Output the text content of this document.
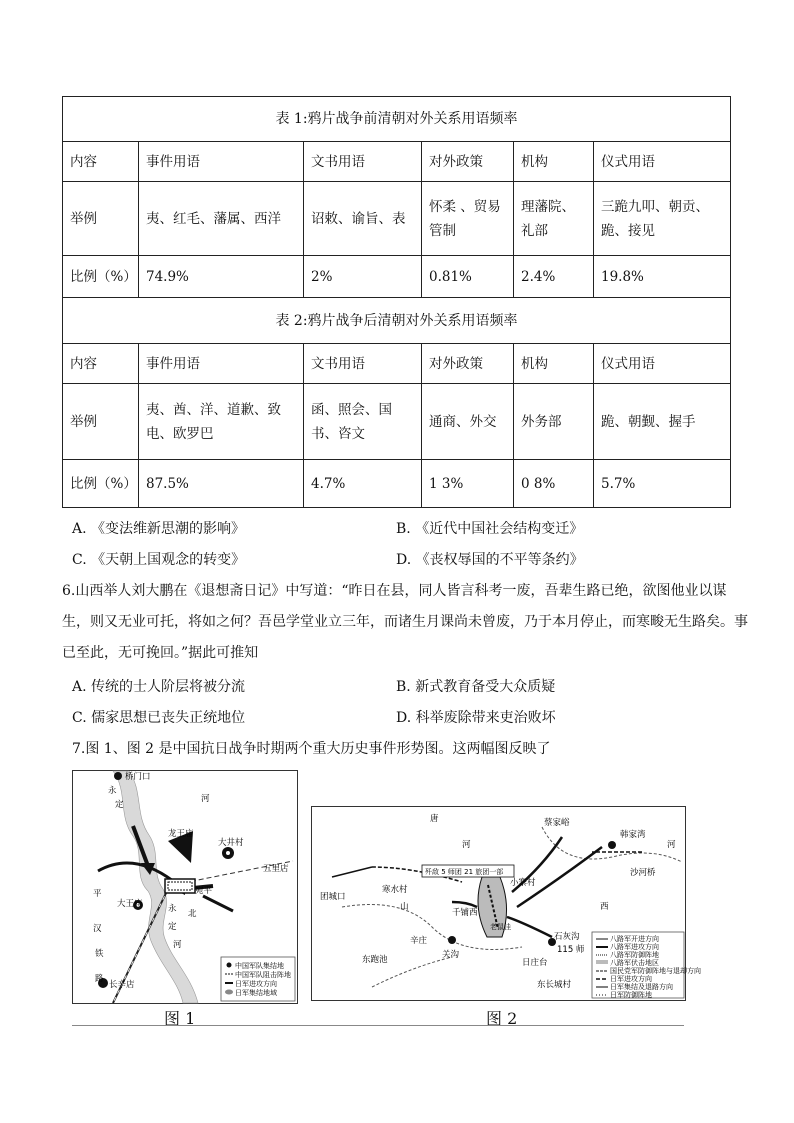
表 1:鸦片战争前清朝对外关系用语频率					
内容	事件用语	文书用语	对外政策	机构	仪式用语
举例	夷、红毛、藩属、西洋	诏敕、谕旨、表	怀柔 、贸易管制	理藩院、礼部	三跪九叩、朝贡、跪、接见
比例（%）	74.9%	2%	0.81%	2.4%	19.8%
表 2:鸦片战争后清朝对外关系用语频率					
内容	事件用语	文书用语	对外政策	机构	仪式用语
举例	夷、酋、洋、道歉、致电、欧罗巴	函、照会、国书、咨文	通商、外交	外务部	跪、朝觐、握手
比例（%）	87.5%	4.7%	1 3%	0 8%	5.7%
A. 《变法维新思潮的影响》	B. 《近代中国社会结构变迁》
C. 《天朝上国观念的转变》	D. 《丧权辱国的不平等条约》
6.山西举人刘大鹏在《退想斋日记》中写道：“昨日在县，同人皆言科考一废，吾辈生路已绝，欲图他业以谋生，则又无业可托，将如之何？吾邑学堂业立三年，而诸生月课尚未曾废，乃于本月停止，而寒畯无生路矣。事已至此，无可挽回。”据此可推知
A. 传统的士人阶层将被分流	B. 新式教育备受大众质疑
C. 儒家思想已丧失正统地位	D. 科举废除带来吏治败坏
7.图 1、图 2 是中国抗日战争时期两个重大历史事件形势图。这两幅图反映了
桥门口
永
定
河
龙王庙
大井村
五里店
宛平
平
大王庙
汉
铁
路
永
定
北
河
长辛店
中国军队集结地
中国军队阻击阵地
日军进攻方向
日军集结地域
图 1
歼敌 5 师团 21 旅团一部
唐
河
蔡家峪
韩家湾
河
沙河桥
寒水村
小寨村
团城口
山	西
千铺西
老鼠洼
辛庄
关沟
东跑池
石灰沟
115 师
日庄台
东长城村
八路军开进方向
八路军进攻方向
八路军防御阵地
八路军伏击地区
国民党军防御阵地与退却方向
日军进攻方向
日军集结及退路方向
日军防御阵地
图 2
